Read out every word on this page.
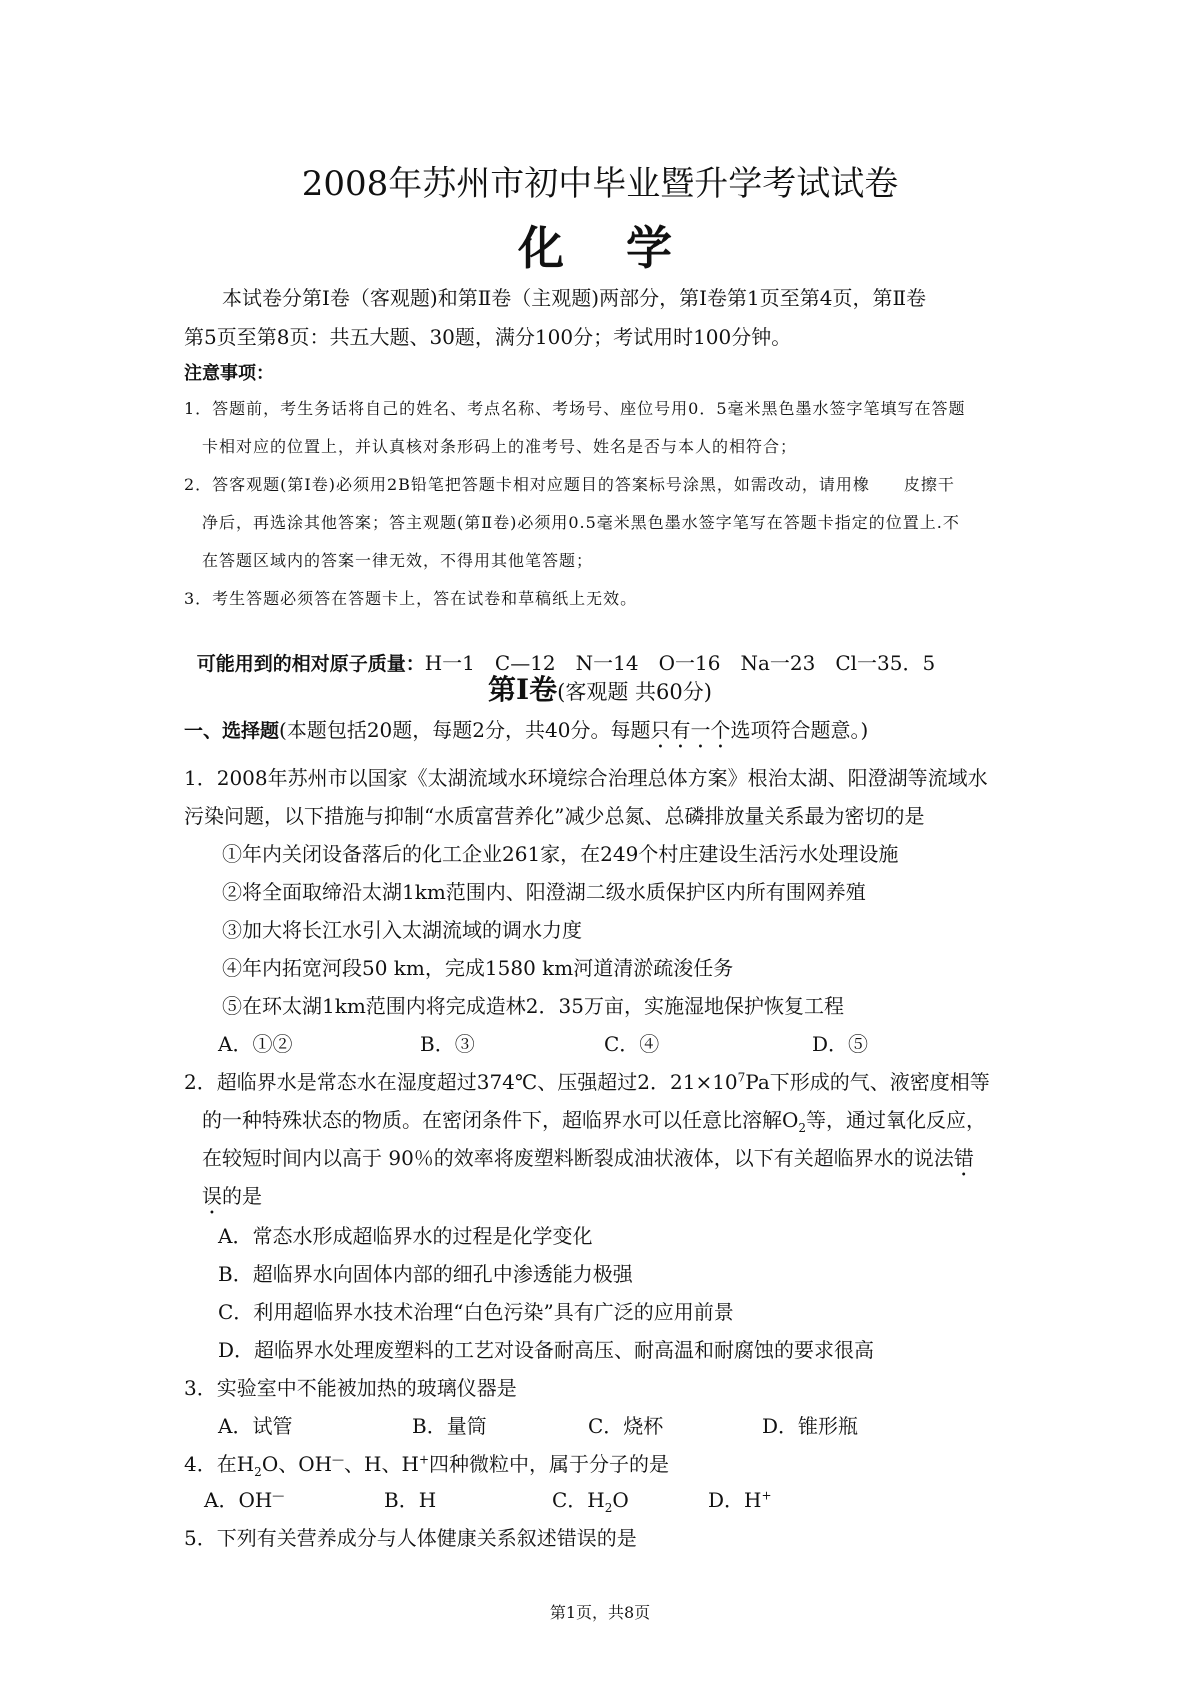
2008年苏州市初中毕业暨升学考试试卷
化  学
本试卷分第Ⅰ卷（客观题)和第Ⅱ卷（主观题)两部分，第Ⅰ卷第1页至第4页，第Ⅱ卷
第5页至第8页：共五大题、30题，满分100分；考试用时100分钟。
注意事项：
1．答题前，考生务话将自己的姓名、考点名称、考场号、座位号用0．5毫米黑色墨水签字笔填写在答题
卡相对应的位置上，并认真核对条形码上的准考号、姓名是否与本人的相符合；
2．答客观题(第Ⅰ卷)必须用2B铅笔把答题卡相对应题目的答案标号涂黑，如需改动，请用橡　　皮擦干
净后，再选涂其他答案；答主观题(第Ⅱ卷)必须用0.5毫米黑色墨水签字笔写在答题卡指定的位置上.不
在答题区域内的答案一律无效，不得用其他笔答题；
3．考生答题必须答在答题卡上，答在试卷和草稿纸上无效。

可能用到的相对原子质量：H一1　C—12　N一14　O一16　Na一23　Cl一35．5

第Ⅰ卷(客观题 共60分)
一、选择题(本题包括20题，每题2分，共40分。每题只有一个选项符合题意。)
1．2008年苏州市以国家《太湖流域水环境综合治理总体方案》根治太湖、阳澄湖等流域水
污染问题，以下措施与抑制“水质富营养化”减少总氮、总磷排放量关系最为密切的是
①年内关闭设备落后的化工企业261家，在249个村庄建设生活污水处理设施
②将全面取缔沿太湖1km范围内、阳澄湖二级水质保护区内所有围网养殖
③加大将长江水引入太湖流域的调水力度
④年内拓宽河段50 km，完成1580 km河道清淤疏浚任务
⑤在环太湖1km范围内将完成造林2．35万亩，实施湿地保护恢复工程
A．①②	B．③	C．④	D．⑤
2．超临界水是常态水在湿度超过374℃、压强超过2．$21\times 10^7Pa$下形成的气、液密度相等
的一种特殊状态的物质。在密闭条件下，超临界水可以任意比溶解$O_2$等，通过氧化反应，
在较短时间内以高于 90％的效率将废塑料断裂成油状液体，以下有关超临界水的说法错
误的是
A．常态水形成超临界水的过程是化学变化
B．超临界水向固体内部的细孔中渗透能力极强
C．利用超临界水技术治理“白色污染”具有广泛的应用前景
D．超临界水处理废塑料的工艺对设备耐高压、耐高温和耐腐蚀的要求很高
3．实验室中不能被加热的玻璃仪器是
A．试管	B．量筒	C．烧杯	D．锥形瓶
4．在$H_2O$、OH—、H、H+四种微粒中，属于分子的是
A．OH—	B．H	C．$H_2O$	D．H+
5．下列有关营养成分与人体健康关系叙述错误的是
第1页，共8页
